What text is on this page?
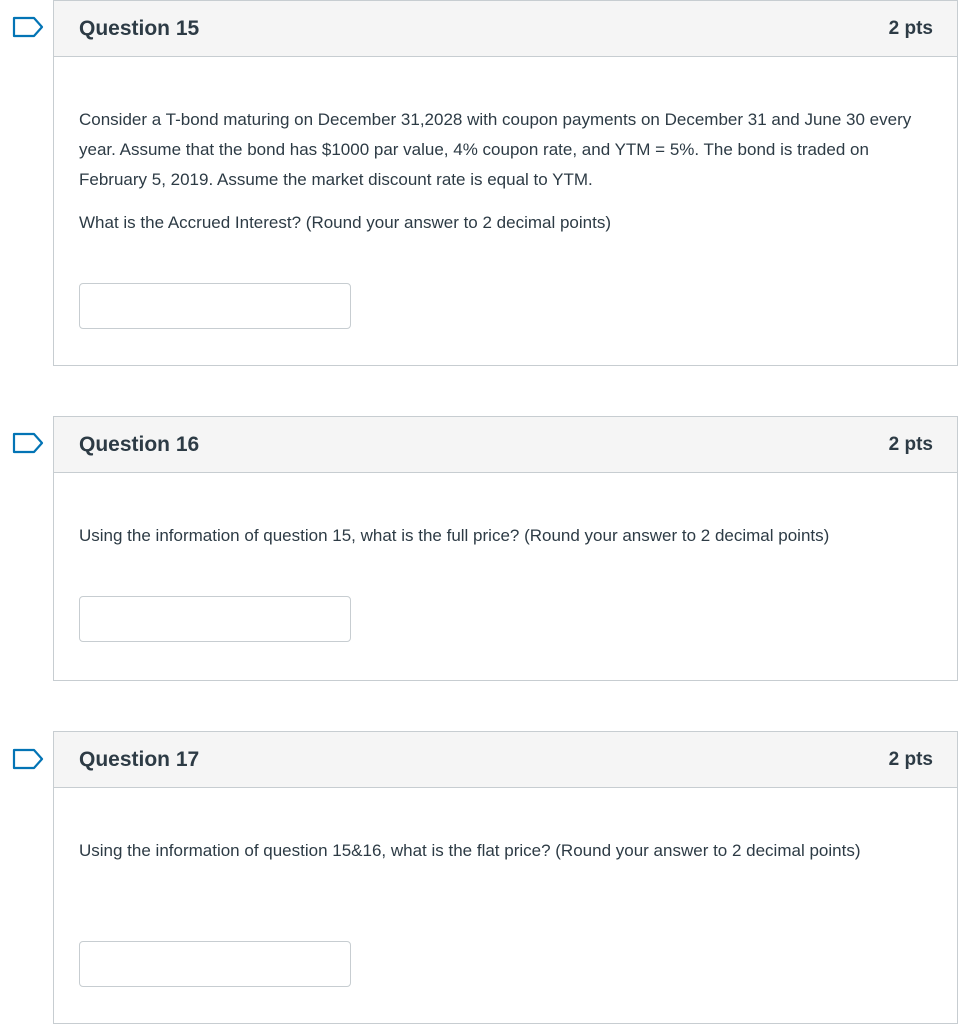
Question 15	2 pts

Consider a T-bond maturing on December 31,2028 with coupon payments on December 31 and June 30 every year. Assume that the bond has $1000 par value, 4% coupon rate, and YTM = 5%. The bond is traded on February 5, 2019. Assume the market discount rate is equal to YTM.

What is the Accrued Interest? (Round your answer to 2 decimal points)

Question 16	2 pts

Using the information of question 15, what is the full price? (Round your answer to 2 decimal points)

Question 17	2 pts

Using the information of question 15&16, what is the flat price? (Round your answer to 2 decimal points)
